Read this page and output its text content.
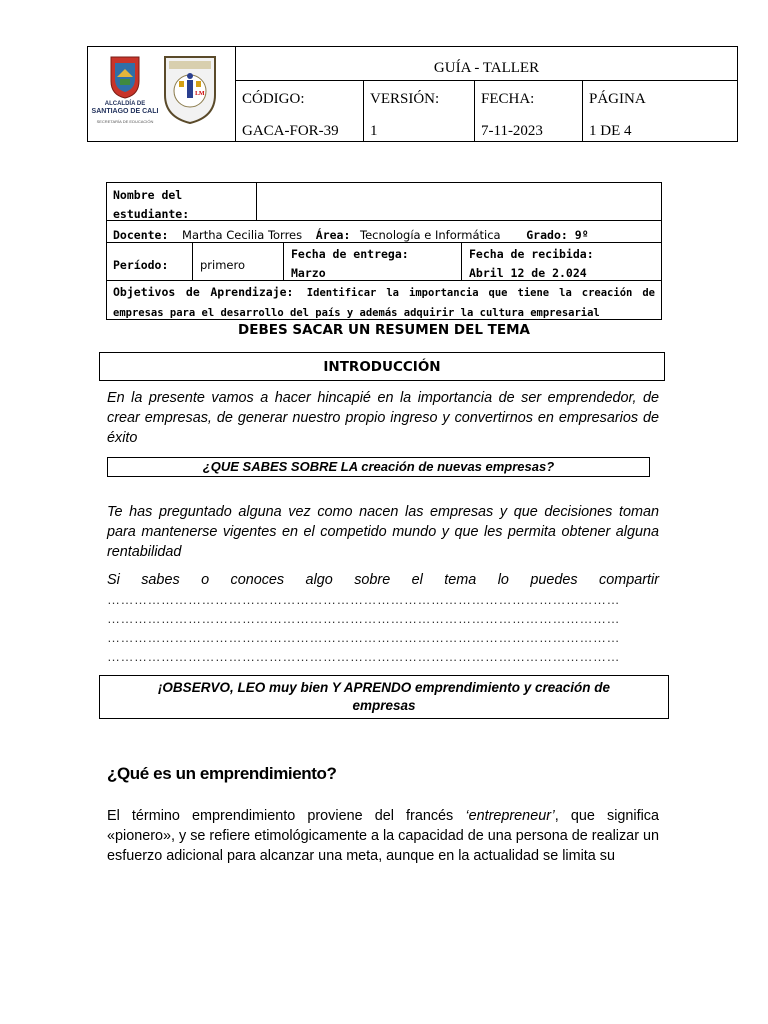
ALCALDÍA DE
SANTIAGO DE CALI
SECRETARÍA DE EDUCACIÓN
I.M
GUÍA - TALLER
CÓDIGO:
GACA-FOR-39
VERSIÓN:
1
FECHA:
7-11-2023
PÁGINA
1 DE 4
Nombre del estudiante:
Docente: Martha Cecilia Torres Área: Tecnología e Informática Grado: 9º
Período:	primero
Fecha de entrega:
Marzo
Fecha de recibida:
Abril 12 de 2.024
Objetivos de Aprendizaje: Identificar la importancia que tiene la creación de empresas para el desarrollo del país y además adquirir la cultura empresarial
DEBES SACAR UN RESUMEN DEL TEMA
INTRODUCCIÓN
En la presente vamos a hacer hincapié en la importancia de ser emprendedor, de crear empresas, de generar nuestro propio ingreso y convertirnos en empresarios de éxito
¿QUE SABES SOBRE LA creación de nuevas empresas?
Te has preguntado alguna vez como nacen las empresas y que decisiones toman para mantenerse vigentes en el competido mundo y que les permita obtener alguna rentabilidad
Si sabes o conoces algo sobre el tema lo puedes compartir
……………………………………………………………………………………………………
……………………………………………………………………………………………………
……………………………………………………………………………………………………
……………………………………………………………………………………………………
¡OBSERVO, LEO muy bien Y APRENDO emprendimiento y creación de
empresas
¿Qué es un emprendimiento?
El término emprendimiento proviene del francés ‘entrepreneur’, que significa «pionero», y se refiere etimológicamente a la capacidad de una persona de realizar un esfuerzo adicional para alcanzar una meta, aunque en la actualidad se limita su
